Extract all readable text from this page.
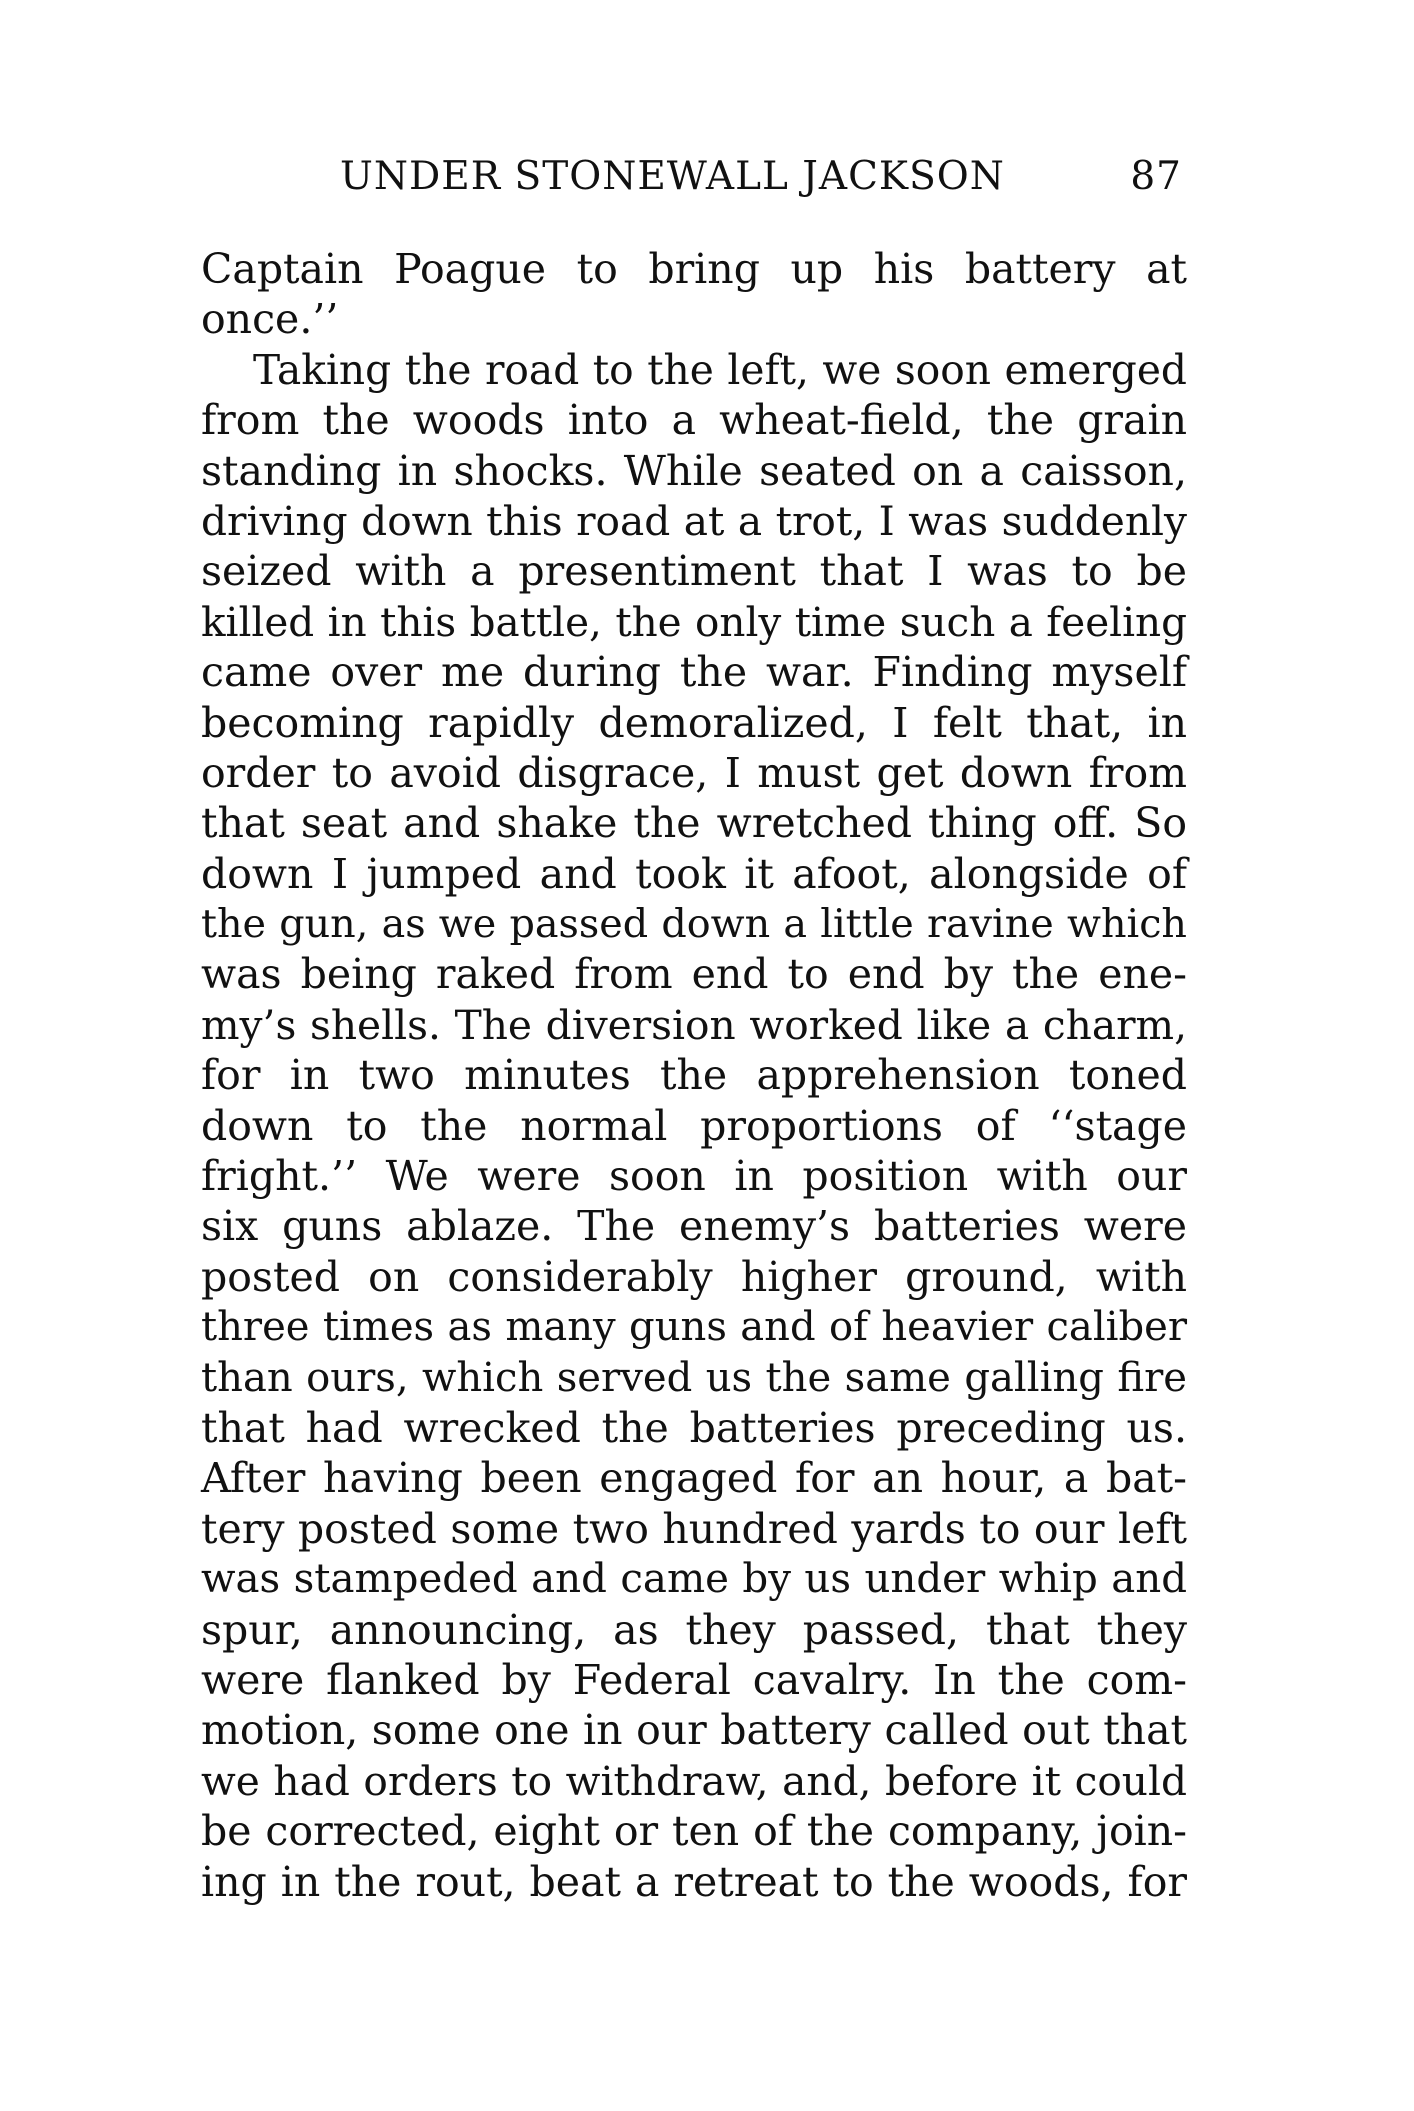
UNDER STONEWALL JACKSON	87
Captain Poague to bring up his battery at
once.’’
Taking the road to the left, we soon emerged
from the woods into a wheat-field, the grain
standing in shocks. While seated on a caisson,
driving down this road at a trot, I was suddenly
seized with a presentiment that I was to be
killed in this battle, the only time such a feeling
came over me during the war. Finding myself
becoming rapidly demoralized, I felt that, in
order to avoid disgrace, I must get down from
that seat and shake the wretched thing off. So
down I jumped and took it afoot, alongside of
the gun, as we passed down a little ravine which
was being raked from end to end by the ene-
my’s shells. The diversion worked like a charm,
for in two minutes the apprehension toned
down to the normal proportions of ‘‘stage
fright.’’ We were soon in position with our
six guns ablaze. The enemy’s batteries were
posted on considerably higher ground, with
three times as many guns and of heavier caliber
than ours, which served us the same galling fire
that had wrecked the batteries preceding us.
After having been engaged for an hour, a bat-
tery posted some two hundred yards to our left
was stampeded and came by us under whip and
spur, announcing, as they passed, that they
were flanked by Federal cavalry. In the com-
motion, some one in our battery called out that
we had orders to withdraw, and, before it could
be corrected, eight or ten of the company, join-
ing in the rout, beat a retreat to the woods, for
